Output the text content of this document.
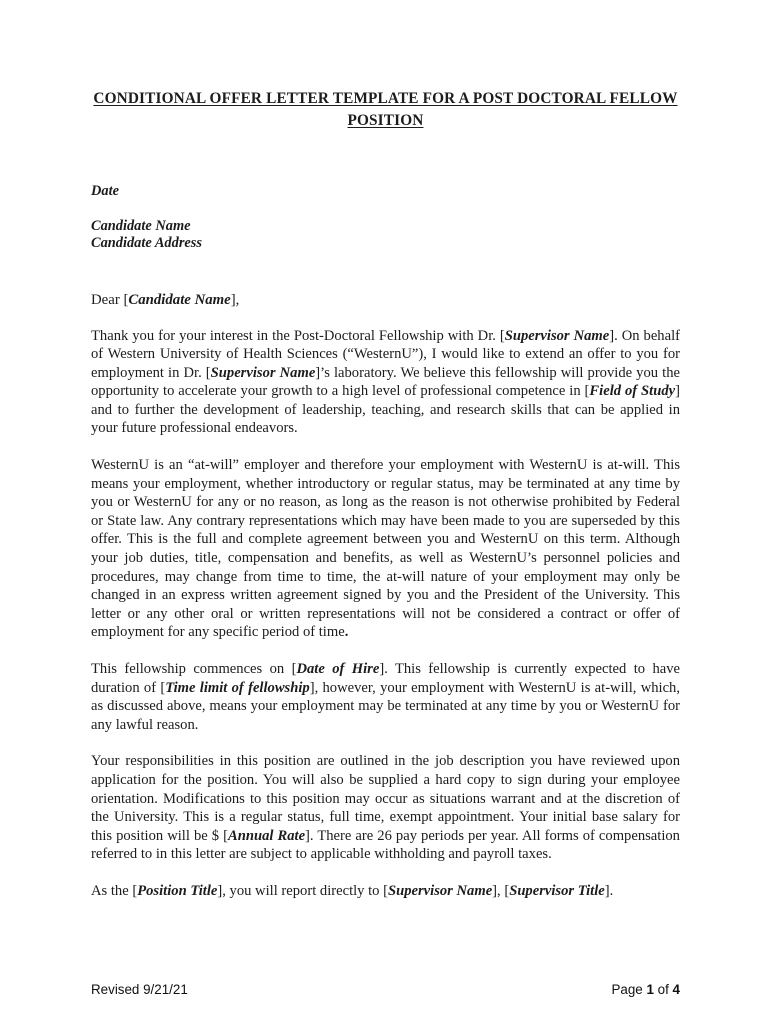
CONDITIONAL OFFER LETTER TEMPLATE FOR A POST DOCTORAL FELLOW
POSITION

Date

Candidate Name
Candidate Address

Dear [Candidate Name],

Thank you for your interest in the Post-Doctoral Fellowship with Dr. [Supervisor Name]. On behalf of Western University of Health Sciences (“WesternU”), I would like to extend an offer to you for employment in Dr. [Supervisor Name]’s laboratory. We believe this fellowship will provide you the opportunity to accelerate your growth to a high level of professional competence in [Field of Study] and to further the development of leadership, teaching, and research skills that can be applied in your future professional endeavors.

WesternU is an “at-will” employer and therefore your employment with WesternU is at-will. This means your employment, whether introductory or regular status, may be terminated at any time by you or WesternU for any or no reason, as long as the reason is not otherwise prohibited by Federal or State law. Any contrary representations which may have been made to you are superseded by this offer. This is the full and complete agreement between you and WesternU on this term. Although your job duties, title, compensation and benefits, as well as WesternU’s personnel policies and procedures, may change from time to time, the at-will nature of your employment may only be changed in an express written agreement signed by you and the President of the University. This letter or any other oral or written representations will not be considered a contract or offer of employment for any specific period of time.

This fellowship commences on [Date of Hire]. This fellowship is currently expected to have duration of [Time limit of fellowship], however, your employment with WesternU is at-will, which, as discussed above, means your employment may be terminated at any time by you or WesternU for any lawful reason.

Your responsibilities in this position are outlined in the job description you have reviewed upon application for the position. You will also be supplied a hard copy to sign during your employee orientation. Modifications to this position may occur as situations warrant and at the discretion of the University. This is a regular status, full time, exempt appointment. Your initial base salary for this position will be $ [Annual Rate]. There are 26 pay periods per year. All forms of compensation referred to in this letter are subject to applicable withholding and payroll taxes.

As the [Position Title], you will report directly to [Supervisor Name], [Supervisor Title].

Revised 9/21/21	Page 1 of 4
